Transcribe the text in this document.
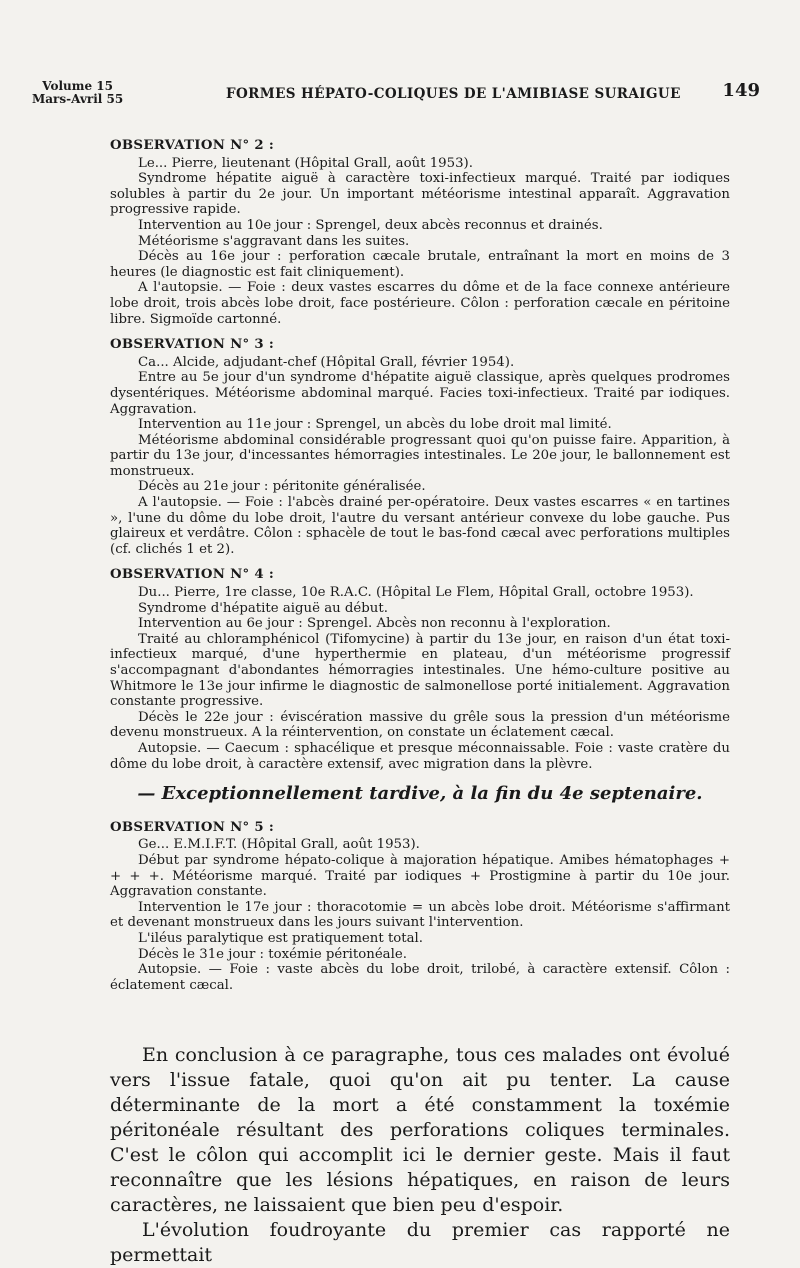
Volume 15
Mars-Avril 55	FORMES HÉPATO-COLIQUES DE L'AMIBIASE SURAIGUE 149

OBSERVATION N° 2 :

Le... Pierre, lieutenant (Hôpital Grall, août 1953).

Syndrome hépatite aiguë à caractère toxi-infectieux marqué. Traité par iodiques solubles à partir du 2e jour. Un important météorisme intestinal apparaît. Aggravation progressive rapide.

Intervention au 10e jour : Sprengel, deux abcès reconnus et drainés.

Météorisme s'aggravant dans les suites.

Décès au 16e jour : perforation cæcale brutale, entraînant la mort en moins de 3 heures (le diagnostic est fait cliniquement).

A l'autopsie. — Foie : deux vastes escarres du dôme et de la face connexe antérieure lobe droit, trois abcès lobe droit, face postérieure. Côlon : perforation cæcale en péritoine libre. Sigmoïde cartonné.

OBSERVATION N° 3 :

Ca... Alcide, adjudant-chef (Hôpital Grall, février 1954).

Entre au 5e jour d'un syndrome d'hépatite aiguë classique, après quelques prodromes dysentériques. Météorisme abdominal marqué. Facies toxi-infectieux. Traité par iodiques. Aggravation.

Intervention au 11e jour : Sprengel, un abcès du lobe droit mal limité.

Météorisme abdominal considérable progressant quoi qu'on puisse faire. Apparition, à partir du 13e jour, d'incessantes hémorragies intestinales. Le 20e jour, le ballonnement est monstrueux.

Décès au 21e jour : péritonite généralisée.

A l'autopsie. — Foie : l'abcès drainé per-opératoire. Deux vastes escarres « en tartines », l'une du dôme du lobe droit, l'autre du versant antérieur convexe du lobe gauche. Pus glaireux et verdâtre. Côlon : sphacèle de tout le bas-fond cæcal avec perforations multiples (cf. clichés 1 et 2).

OBSERVATION N° 4 :

Du... Pierre, 1re classe, 10e R.A.C. (Hôpital Le Flem, Hôpital Grall, octobre 1953).

Syndrome d'hépatite aiguë au début.

Intervention au 6e jour : Sprengel. Abcès non reconnu à l'exploration.

Traité au chloramphénicol (Tifomycine) à partir du 13e jour, en raison d'un état toxi-infectieux marqué, d'une hyperthermie en plateau, d'un météorisme progressif s'accompagnant d'abondantes hémorragies intestinales. Une hémo-culture positive au Whitmore le 13e jour infirme le diagnostic de salmonellose porté initialement. Aggravation constante progressive.

Décès le 22e jour : éviscération massive du grêle sous la pression d'un météorisme devenu monstrueux. A la réintervention, on constate un éclatement cæcal.

Autopsie. — Caecum : sphacélique et presque méconnaissable. Foie : vaste cratère du dôme du lobe droit, à caractère extensif, avec migration dans la plèvre.

— Exceptionnellement tardive, à la fin du 4e septenaire.

OBSERVATION N° 5 :

Ge... E.M.I.F.T. (Hôpital Grall, août 1953).

Début par syndrome hépato-colique à majoration hépatique. Amibes hématophages + + + +. Météorisme marqué. Traité par iodiques + Prostigmine à partir du 10e jour. Aggravation constante.

Intervention le 17e jour : thoracotomie = un abcès lobe droit. Météorisme s'affirmant et devenant monstrueux dans les jours suivant l'intervention.

L'iléus paralytique est pratiquement total.

Décès le 31e jour : toxémie péritonéale.

Autopsie. — Foie : vaste abcès du lobe droit, trilobé, à caractère extensif. Côlon : éclatement cæcal.

En conclusion à ce paragraphe, tous ces malades ont évolué vers l'issue fatale, quoi qu'on ait pu tenter. La cause déterminante de la mort a été constamment la toxémie péritonéale résultant des perforations coliques terminales. C'est le côlon qui accomplit ici le dernier geste. Mais il faut reconnaître que les lésions hépatiques, en raison de leurs caractères, ne laissaient que bien peu d'espoir.

L'évolution foudroyante du premier cas rapporté ne permettait
